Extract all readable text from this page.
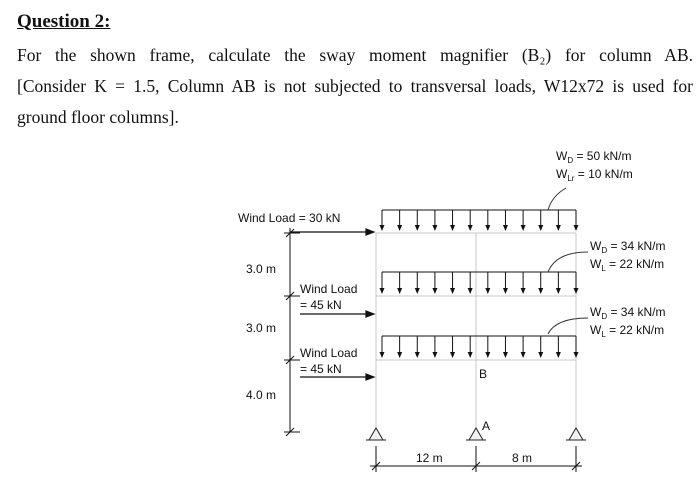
Question 2:
For the shown frame, calculate the sway moment magnifier (B₂) for column AB.
[Consider K = 1.5, Column AB is not subjected to transversal loads, W12x72 is used for
ground floor columns].
$W_D = 50$ kN/m
$W_{Lr} = 10$ kN/m
$W_D = 34$ kN/m
$W_L = 22$ kN/m
$W_D = 34$ kN/m
$W_L = 22$ kN/m
Wind Load = 30 kN
Wind Load
= 45 kN
Wind Load
= 45 kN
3.0 m
3.0 m
4.0 m
B
A
12 m	8 m
